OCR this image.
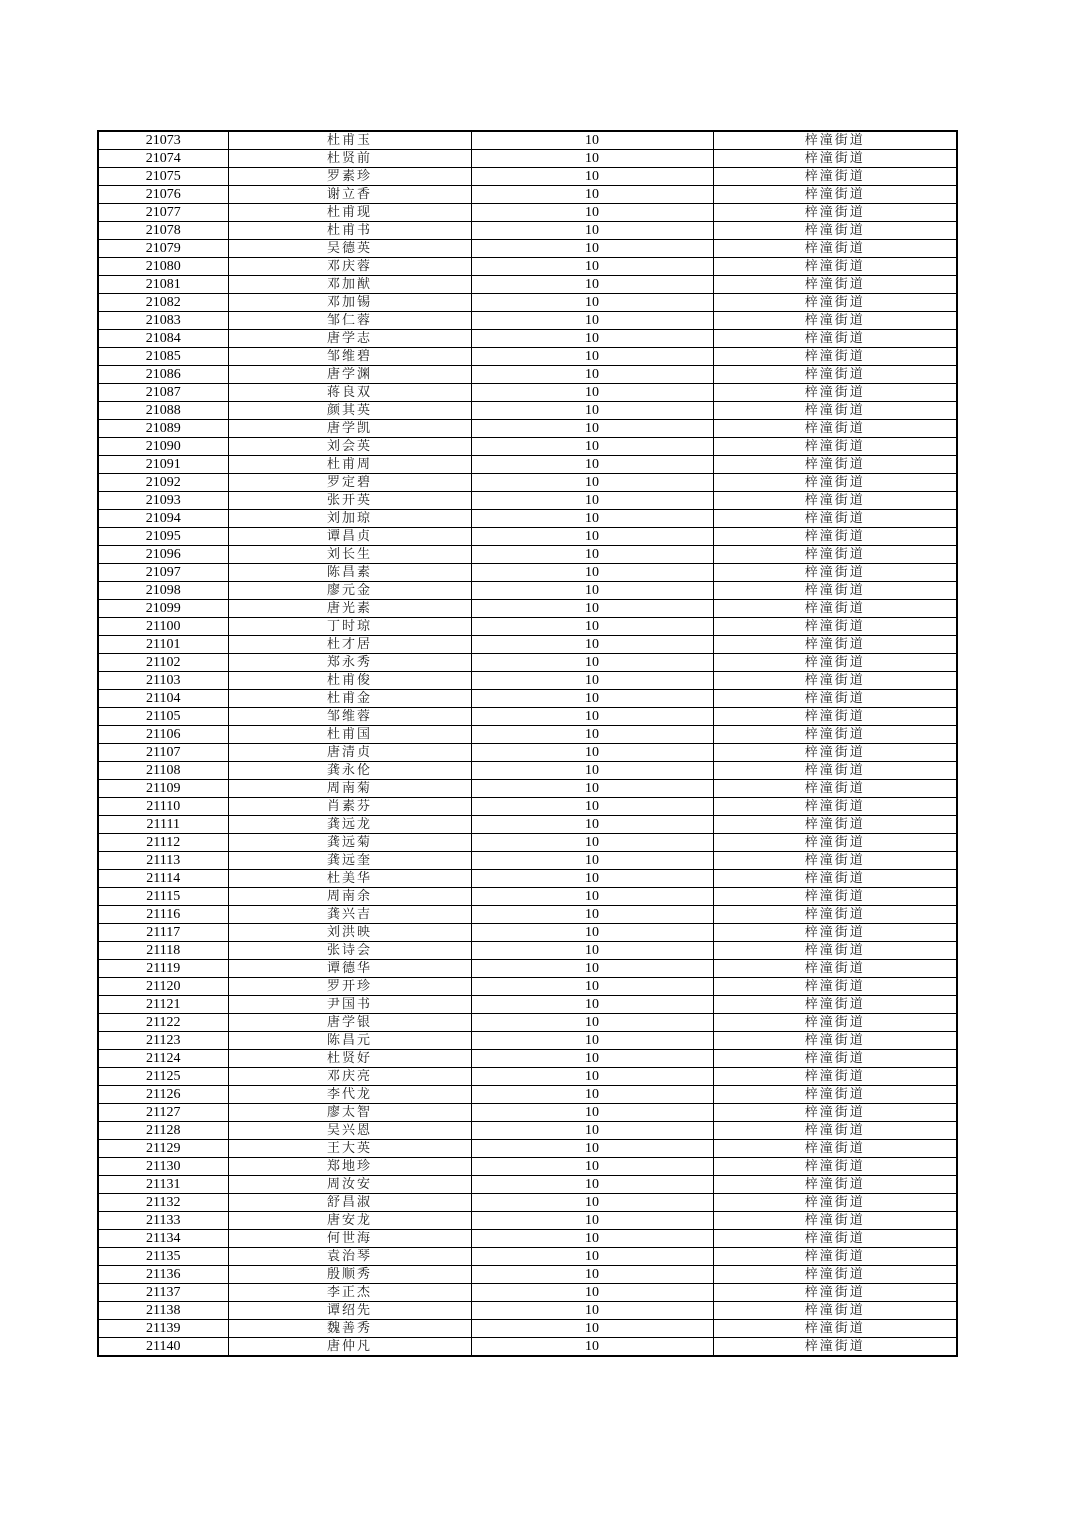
21073	杜甫玉	10	梓潼街道
21074	杜贤前	10	梓潼街道
21075	罗素珍	10	梓潼街道
21076	谢立香	10	梓潼街道
21077	杜甫现	10	梓潼街道
21078	杜甫书	10	梓潼街道
21079	吴德英	10	梓潼街道
21080	邓庆蓉	10	梓潼街道
21081	邓加猷	10	梓潼街道
21082	邓加锡	10	梓潼街道
21083	邹仁蓉	10	梓潼街道
21084	唐学志	10	梓潼街道
21085	邹维碧	10	梓潼街道
21086	唐学渊	10	梓潼街道
21087	蒋良双	10	梓潼街道
21088	颜其英	10	梓潼街道
21089	唐学凯	10	梓潼街道
21090	刘会英	10	梓潼街道
21091	杜甫周	10	梓潼街道
21092	罗定碧	10	梓潼街道
21093	张开英	10	梓潼街道
21094	刘加琼	10	梓潼街道
21095	谭昌贞	10	梓潼街道
21096	刘长生	10	梓潼街道
21097	陈昌素	10	梓潼街道
21098	廖元金	10	梓潼街道
21099	唐光素	10	梓潼街道
21100	丁时琼	10	梓潼街道
21101	杜才居	10	梓潼街道
21102	郑永秀	10	梓潼街道
21103	杜甫俊	10	梓潼街道
21104	杜甫金	10	梓潼街道
21105	邹维蓉	10	梓潼街道
21106	杜甫国	10	梓潼街道
21107	唐清贞	10	梓潼街道
21108	龚永伦	10	梓潼街道
21109	周南菊	10	梓潼街道
21110	肖素芬	10	梓潼街道
21111	龚远龙	10	梓潼街道
21112	龚远菊	10	梓潼街道
21113	龚远奎	10	梓潼街道
21114	杜美华	10	梓潼街道
21115	周南余	10	梓潼街道
21116	龚兴吉	10	梓潼街道
21117	刘洪映	10	梓潼街道
21118	张诗会	10	梓潼街道
21119	谭德华	10	梓潼街道
21120	罗开珍	10	梓潼街道
21121	尹国书	10	梓潼街道
21122	唐学银	10	梓潼街道
21123	陈昌元	10	梓潼街道
21124	杜贤好	10	梓潼街道
21125	邓庆亮	10	梓潼街道
21126	李代龙	10	梓潼街道
21127	廖太智	10	梓潼街道
21128	吴兴恩	10	梓潼街道
21129	王大英	10	梓潼街道
21130	郑地珍	10	梓潼街道
21131	周汝安	10	梓潼街道
21132	舒昌淑	10	梓潼街道
21133	唐安龙	10	梓潼街道
21134	何世海	10	梓潼街道
21135	袁治琴	10	梓潼街道
21136	殷顺秀	10	梓潼街道
21137	李正杰	10	梓潼街道
21138	谭绍先	10	梓潼街道
21139	魏善秀	10	梓潼街道
21140	唐仲凡	10	梓潼街道
